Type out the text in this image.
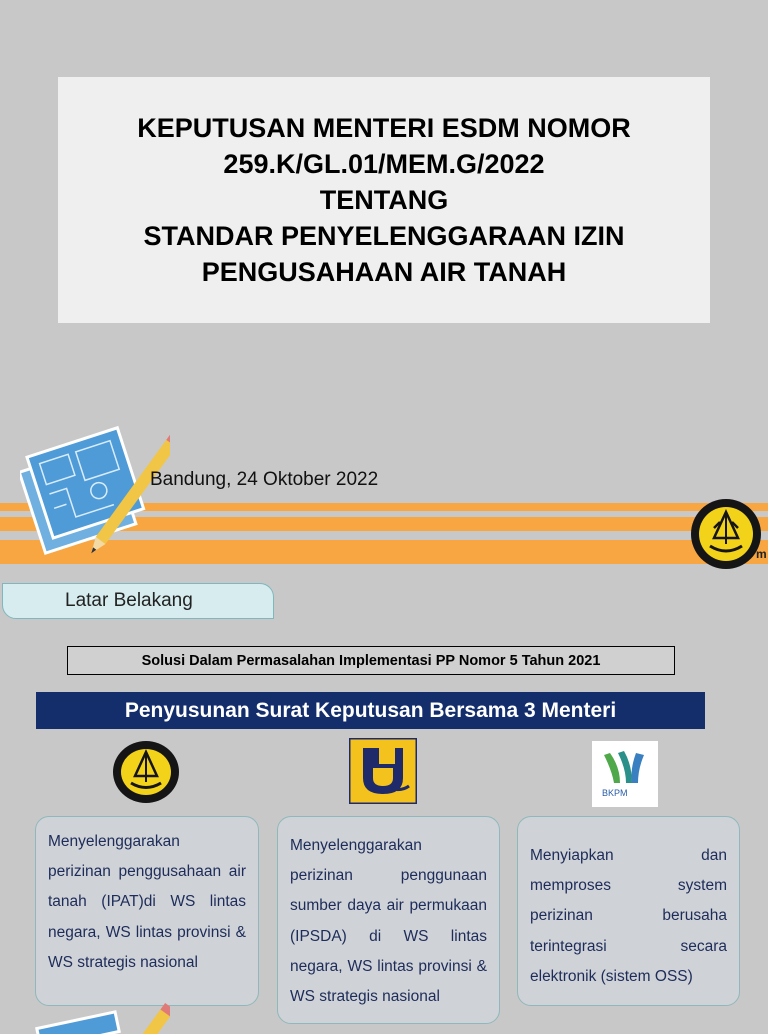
KEPUTUSAN MENTERI ESDM NOMOR
259.K/GL.01/MEM.G/2022
TENTANG
STANDAR PENYELENGGARAAN IZIN
PENGUSAHAAN AIR TANAH
Bandung, 24 Oktober 2022
m
Latar Belakang
Solusi Dalam Permasalahan Implementasi PP Nomor 5 Tahun 2021
Penyusunan Surat Keputusan Bersama 3 Menteri
BKPM
Menyelenggarakan perizinan penggusahaan air tanah (IPAT)di WS lintas negara, WS lintas provinsi & WS strategis nasional
Menyelenggarakan perizinan penggunaan sumber daya air permukaan (IPSDA) di WS lintas negara, WS lintas provinsi & WS strategis nasional
Menyiapkan dan memproses system perizinan berusaha terintegrasi secara elektronik (sistem OSS)
